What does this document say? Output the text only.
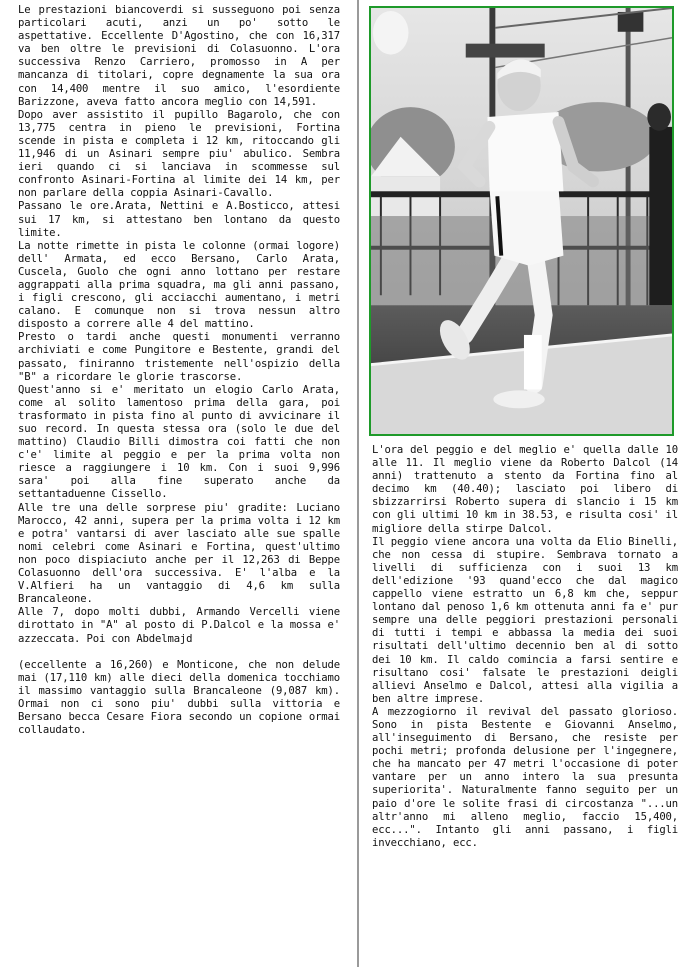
Le prestazioni biancoverdi si susseguono poi senza particolari acuti, anzi un po' sotto le aspettative. Eccellente D'Agostino, che con 16,317 va ben oltre le previsioni di Colasuonno. L'ora successiva Renzo Carriero, promosso in A per mancanza di titolari, copre degnamente la sua ora con 14,400 mentre il suo amico, l'esordiente Barizzone, aveva fatto ancora meglio con 14,591.

Dopo aver assistito il pupillo Bagarolo, che con 13,775 centra in pieno le previsioni, Fortina scende in pista e completa i 12 km, ritoccando gli 11,946 di un Asinari sempre piu' abulico. Sembra ieri quando ci si lanciava in scommesse sul confronto Asinari-Fortina al limite dei 14 km, per non parlare della coppia Asinari-Cavallo.

Passano le ore.Arata, Nettini e A.Bosticco, attesi sui 17 km, si attestano ben lontano da questo limite.

La notte rimette in pista le colonne (ormai logore) dell' Armata, ed ecco Bersano, Carlo Arata, Cuscela, Guolo che ogni anno lottano per restare aggrappati alla prima squadra, ma gli anni passano, i figli crescono, gli acciacchi aumentano, i metri calano. E comunque non si trova nessun altro disposto a correre alle 4 del mattino.

Presto o tardi anche questi monumenti verranno archiviati e come Pungitore e Bestente, grandi del passato, finiranno tristemente nell'ospizio della "B" a ricordare le glorie trascorse.

Quest'anno si e' meritato un elogio Carlo Arata, come al solito lamentoso prima della gara, poi trasformato in pista fino al punto di avvicinare il suo record. In questa stessa ora (solo le due del mattino) Claudio Billi dimostra coi fatti che non c'e' limite al peggio e per la prima volta non riesce a raggiungere i 10 km. Con i suoi 9,996 sara' poi alla fine superato anche da settantaduenne Cissello.

Alle tre una delle sorprese piu' gradite: Luciano Marocco, 42 anni, supera per la prima volta i 12 km e potra' vantarsi di aver lasciato alle sue spalle nomi celebri come Asinari e Fortina, quest'ultimo non poco dispiaciuto anche per il 12,263 di Beppe Colasuonno dell'ora successiva. E' l'alba e la V.Alfieri ha un vantaggio di 4,6 km sulla Brancaleone.

Alle 7, dopo molti dubbi, Armando Vercelli viene dirottato in "A" al posto di P.Dalcol e la mossa e' azzeccata. Poi con Abdelmajd

(eccellente a 16,260) e Monticone, che non delude mai (17,110 km) alle dieci della domenica tocchiamo il massimo vantaggio sulla Brancaleone (9,087 km). Ormai non ci sono piu' dubbi sulla vittoria e Bersano becca Cesare Fiora secondo un copione ormai collaudato.

L'ora del peggio e del meglio e' quella dalle 10 alle 11. Il meglio viene da Roberto Dalcol (14 anni) trattenuto a stento da Fortina fino al decimo km (40.40); lasciato poi libero di sbizzarrirsi Roberto supera di slancio i 15 km con gli ultimi 10 km in 38.53, e risulta cosi' il migliore della stirpe Dalcol.

Il peggio viene ancora una volta da Elio Binelli, che non cessa di stupire. Sembrava tornato a livelli di sufficienza con i suoi 13 km dell'edizione '93 quand'ecco che dal magico cappello viene estratto un 6,8 km che, seppur lontano dal penoso 1,6 km ottenuta anni fa e' pur sempre una delle peggiori prestazioni personali di tutti i tempi e abbassa la media dei suoi risultati dell'ultimo decennio ben al di sotto dei 10 km. Il caldo comincia a farsi sentire e risultano cosi' falsate le prestazioni deigli allievi Anselmo e Dalcol, attesi alla vigilia a ben altre imprese.

A mezzogiorno il revival del passato glorioso. Sono in pista Bestente e Giovanni Anselmo, all'inseguimento di Bersano, che resiste per pochi metri; profonda delusione per l'ingegnere, che ha mancato per 47 metri l'occasione di poter vantare per un anno intero la sua presunta superiorita'. Naturalmente fanno seguito per un paio d'ore le solite frasi di circostanza "...un altr'anno mi alleno meglio, faccio 15,400, ecc...". Intanto gli anni passano, i figli invecchiano, ecc.
